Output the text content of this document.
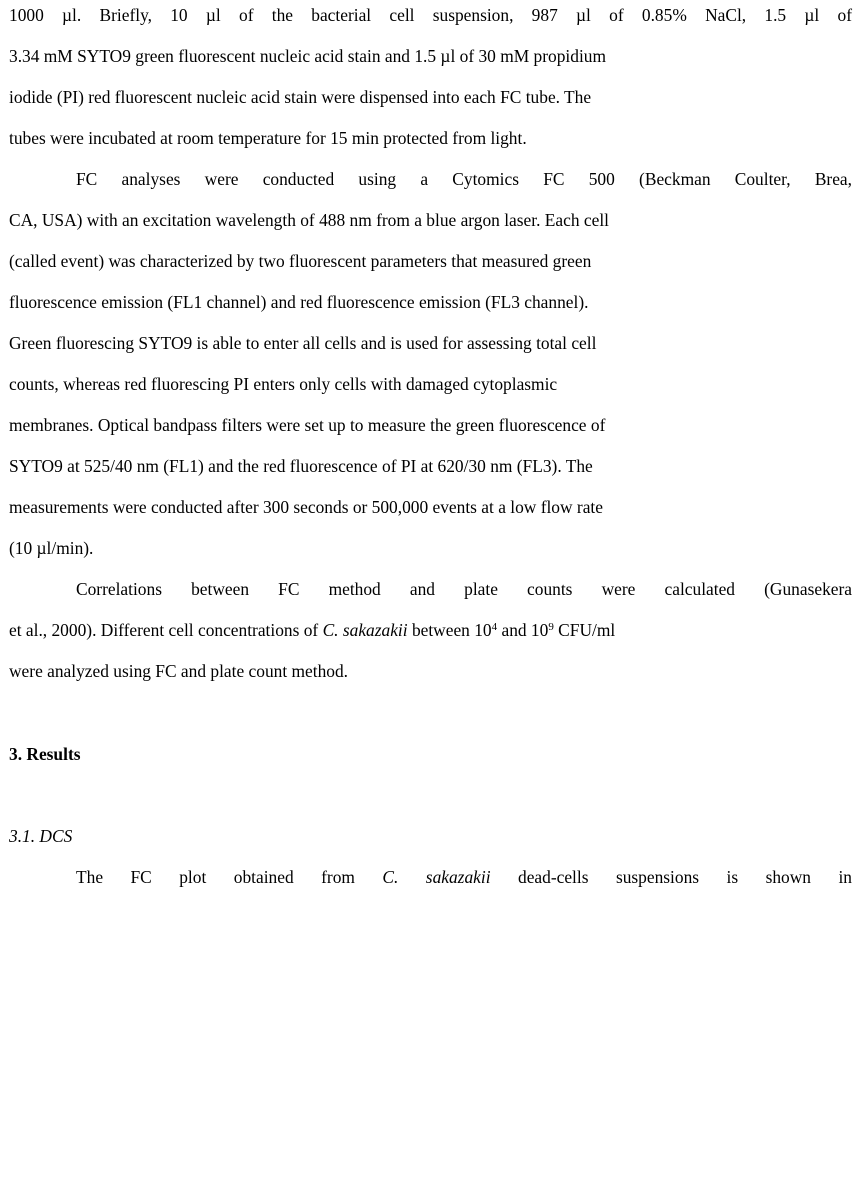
1000 µl. Briefly, 10 µl of the bacterial cell suspension, 987 µl of 0.85% NaCl, 1.5 µl of
3.34 mM SYTO9 green fluorescent nucleic acid stain and 1.5 µl of 30 mM propidium
iodide (PI) red fluorescent nucleic acid stain were dispensed into each FC tube. The
tubes were incubated at room temperature for 15 min protected from light.
FC analyses were conducted using a Cytomics FC 500 (Beckman Coulter, Brea,
CA, USA) with an excitation wavelength of 488 nm from a blue argon laser. Each cell
(called event) was characterized by two fluorescent parameters that measured green
fluorescence emission (FL1 channel) and red fluorescence emission (FL3 channel).
Green fluorescing SYTO9 is able to enter all cells and is used for assessing total cell
counts, whereas red fluorescing PI enters only cells with damaged cytoplasmic
membranes. Optical bandpass filters were set up to measure the green fluorescence of
SYTO9 at 525/40 nm (FL1) and the red fluorescence of PI at 620/30 nm (FL3). The
measurements were conducted after 300 seconds or 500,000 events at a low flow rate
(10 µl/min).
Correlations between FC method and plate counts were calculated (Gunasekera
et al., 2000). Different cell concentrations of C. sakazakii between $10^4$ and $10^9$ CFU/ml
were analyzed using FC and plate count method.
3. Results
3.1. DCS
The FC plot obtained from C. sakazakii dead-cells suspensions is shown in
